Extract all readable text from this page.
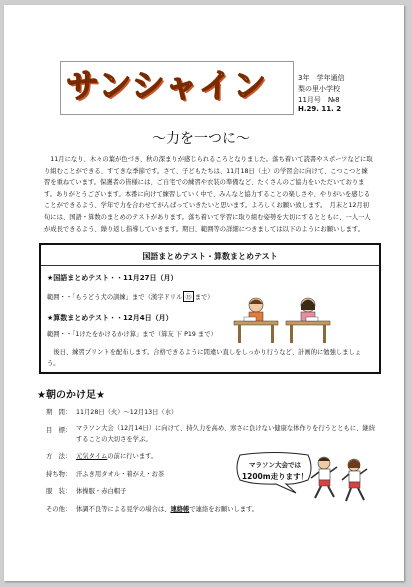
サンシャイン	3年　学年通信
梨の里小学校
11月号　№8
H.29. 11. 2
～力を一つに～
　11月になり、木々の葉が色づき、秋の深まりが感じられるころとなりました。落ち着いて読書やスポーツなどに取り組むことができる、すてきな季節です。さて、子どもたちは、11月18日（土）の学習会に向けて、こつこつと練習を重ねています。保護者の皆様には、ご自宅での練習や衣装の準備など、たくさんのご協力をいただいております。ありがとうございます。本番に向けて練習していく中で、みんなと協力することの楽しさや、やりがいを感じることができるよう、学年で力を合わせてがんばっていきたいと思います。よろしくお願い致します。　月末と12月初旬には、国語・算数のまとめのテストがあります。落ち着いて学習に取り組む姿勢を大切にするとともに、一人一人が成長できるよう、繰り返し指導していきます。期日、範囲等の詳細につきましては以下のようにお願いします。
国語まとめテスト・算数まとめテスト
★国語まとめテスト・・11月27日（月）
範囲・・「もうどう犬の訓練」まで（漢字ドリル ⑮ まで）
★算数まとめテスト・・12月4日（月）
範囲・・「1けたをかけるかけ算」まで（算友 下 P19 まで）
　後日、練習プリントを配布します。合格できるように間違い直しをしっかり行うなど、計画的に勉強しましょう。
★朝のかけ足★
期　間： 11月28日（火）～12月13日（水）
目　標： マラソン大会（12月14日）に向けて、持久力を高め、寒さに負けない健康な体作りを行うとともに、継続することの大切さを学ぶ。
方　法： 元気タイムの前に行います。
持ち物： 汗ふき用タオル・着がえ・お茶
服　装： 体操服・赤白帽子
その他： 体調不良等による見学の場合は、連絡帳で連絡をお願いします。
マラソン大会では
1200m走ります！
